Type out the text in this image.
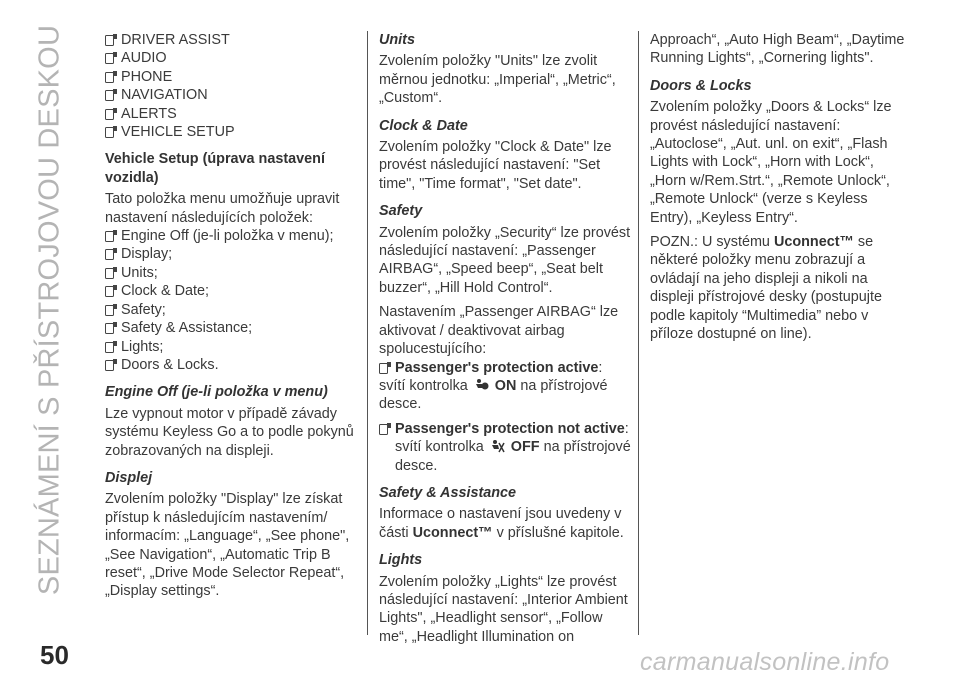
SEZNÁMENÍ S PŘÍSTROJOVOU DESKOU
50	carmanualsonline.info
DRIVER ASSIST
AUDIO
PHONE
NAVIGATION
ALERTS
VEHICLE SETUP

Vehicle Setup (úprava nastavení vozidla)

Tato položka menu umožňuje upravit nastavení následujících položek:

Engine Off (je-li položka v menu);
Display;
Units;
Clock & Date;
Safety;
Safety & Assistance;
Lights;
Doors & Locks.

Engine Off (je-li položka v menu)

Lze vypnout motor v případě závady systému Keyless Go a to podle pokynů zobrazovaných na displeji.

Displej

Zvolením položky "Display" lze získat přístup k následujícím nastavením/ informacím: „Language“, „See phone", „See Navigation“, „Automatic Trip B reset“, „Drive Mode Selector Repeat“, „Display settings“.

Units

Zvolením položky "Units" lze zvolit měrnou jednotku: „Imperial“, „Metric“, „Custom“.

Clock & Date

Zvolením položky "Clock & Date" lze provést následující nastavení: "Set time", "Time format", "Set date".

Safety

Zvolením položky „Security“ lze provést následující nastavení: „Passenger AIRBAG“, „Speed beep“, „Seat belt buzzer“, „Hill Hold Control“.

Nastavením „Passenger AIRBAG“ lze aktivovat / deaktivovat airbag spolucestujícího:

Passenger's protection active:

svítí kontrolka ON na přístrojové desce.

Passenger's protection not active: svítí kontrolka OFF na přístrojové desce.

Safety & Assistance

Informace o nastavení jsou uvedeny v části Uconnect™ v příslušné kapitole.

Lights

Zvolením položky „Lights“ lze provést následující nastavení: „Interior Ambient Lights", „Headlight sensor“, „Follow me“, „Headlight Illumination on

Approach“, „Auto High Beam“, „Daytime Running Lights“, „Cornering lights".

Doors & Locks

Zvolením položky „Doors & Locks“ lze provést následující nastavení: „Autoclose“, „Aut. unl. on exit“, „Flash Lights with Lock“, „Horn with Lock“, „Horn w/Rem.Strt.“, „Remote Unlock“, „Remote Unlock“ (verze s Keyless Entry), „Keyless Entry“.

POZN.: U systému Uconnect™ se některé položky menu zobrazují a ovládají na jeho displeji a nikoli na displeji přístrojové desky (postupujte podle kapitoly “Multimedia” nebo v příloze dostupné on line).
